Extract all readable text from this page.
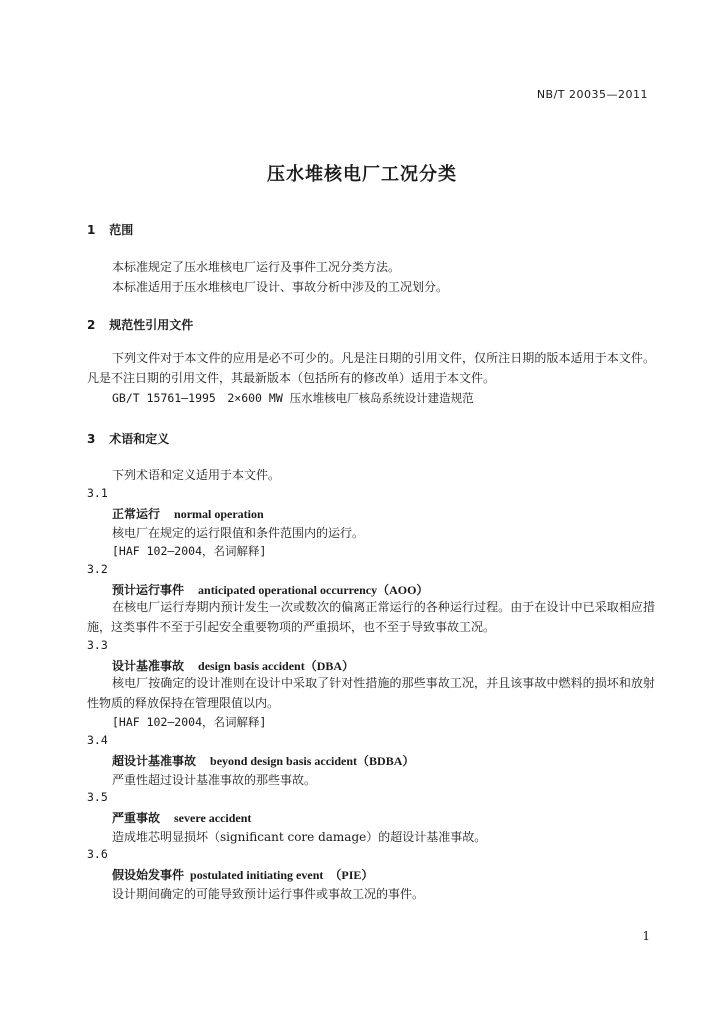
NB/T 20035—2011
压水堆核电厂工况分类
1 范围
本标准规定了压水堆核电厂运行及事件工况分类方法。
本标准适用于压水堆核电厂设计、事故分析中涉及的工况划分。
2 规范性引用文件
下列文件对于本文件的应用是必不可少的。凡是注日期的引用文件，仅所注日期的版本适用于本文件。凡是不注日期的引用文件，其最新版本（包括所有的修改单）适用于本文件。
GB/T 15761—1995　2×600 MW 压水堆核电厂核岛系统设计建造规范
3 术语和定义
下列术语和定义适用于本文件。
3.1
正常运行 normal operation
核电厂在规定的运行限值和条件范围内的运行。
[HAF 102—2004，名词解释]
3.2
预计运行事件 anticipated operational occurrency（AOO）
在核电厂运行寿期内预计发生一次或数次的偏离正常运行的各种运行过程。由于在设计中已采取相应措施，这类事件不至于引起安全重要物项的严重损坏，也不至于导致事故工况。
3.3
设计基准事故 design basis accident（DBA）
核电厂按确定的设计准则在设计中采取了针对性措施的那些事故工况，并且该事故中燃料的损坏和放射性物质的释放保持在管理限值以内。
[HAF 102—2004，名词解释]
3.4
超设计基准事故 beyond design basis accident（BDBA）
严重性超过设计基准事故的那些事故。
3.5
严重事故 severe accident
造成堆芯明显损坏（significant core damage）的超设计基准事故。
3.6
假设始发事件 postulated initiating event　（PIE）
设计期间确定的可能导致预计运行事件或事故工况的事件。
1
